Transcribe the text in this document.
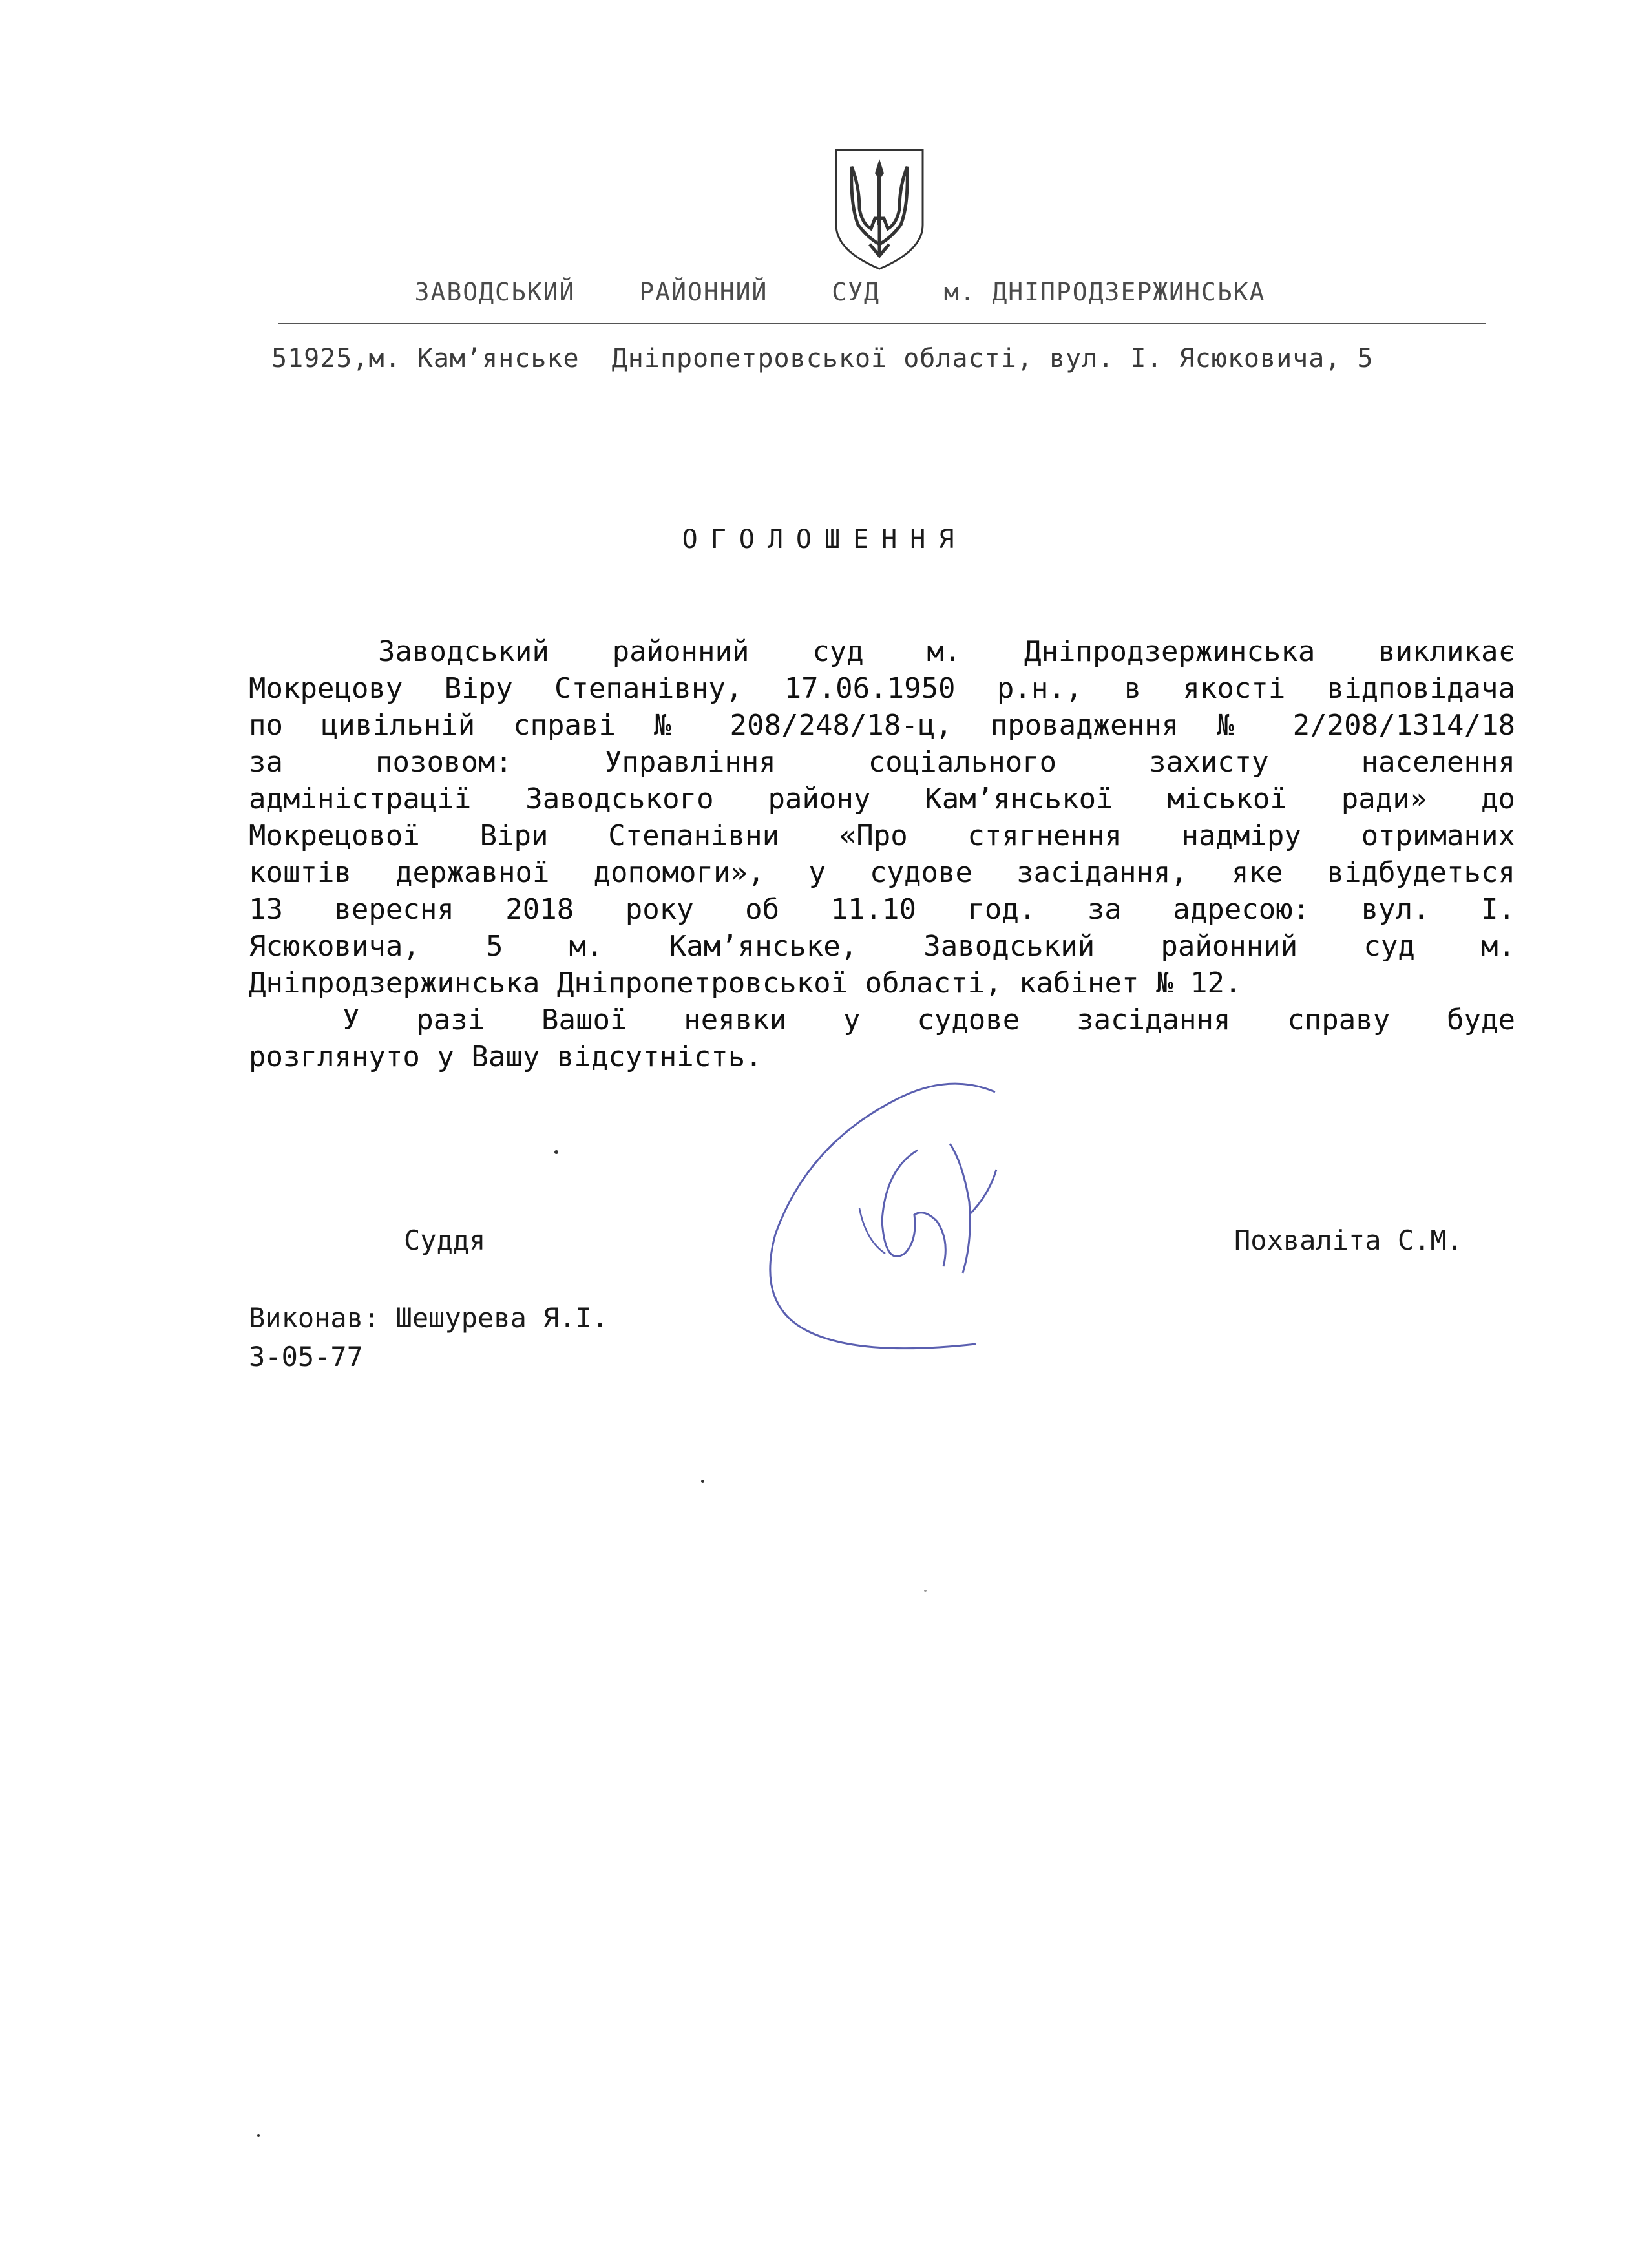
ЗАВОДСЬКИЙ	РАЙОННИЙ	СУД	м. ДНІПРОДЗЕРЖИНСЬКА
51925,м. Кам’янське  Дніпропетровської області, вул. І. Ясюковича, 5
ОГОЛОШЕННЯ
Заводський районний суд м. Дніпродзержинська викликає
Мокрецову Віру Степанівну, 17.06.1950 р.н., в якості відповідача
по цивільній справі № 208/248/18-ц, провадження № 2/208/1314/18
за позовом: Управління соціального захисту населення
адміністрації Заводського району Кам’янської міської ради» до
Мокрецової Віри Степанівни «Про стягнення надміру отриманих
коштів державної допомоги», у судове засідання, яке відбудеться
13 вересня 2018 року об 11.10 год. за адресою: вул. І.
Ясюковича, 5 м. Кам’янське, Заводський районний суд м.
Дніпродзержинська Дніпропетровської області, кабінет № 12.
У разі Вашої неявки у судове засідання справу буде
розглянуто у Вашу відсутність.
Суддя	Похваліта С.М.
Виконав: Шешурева Я.І.
3-05-77
